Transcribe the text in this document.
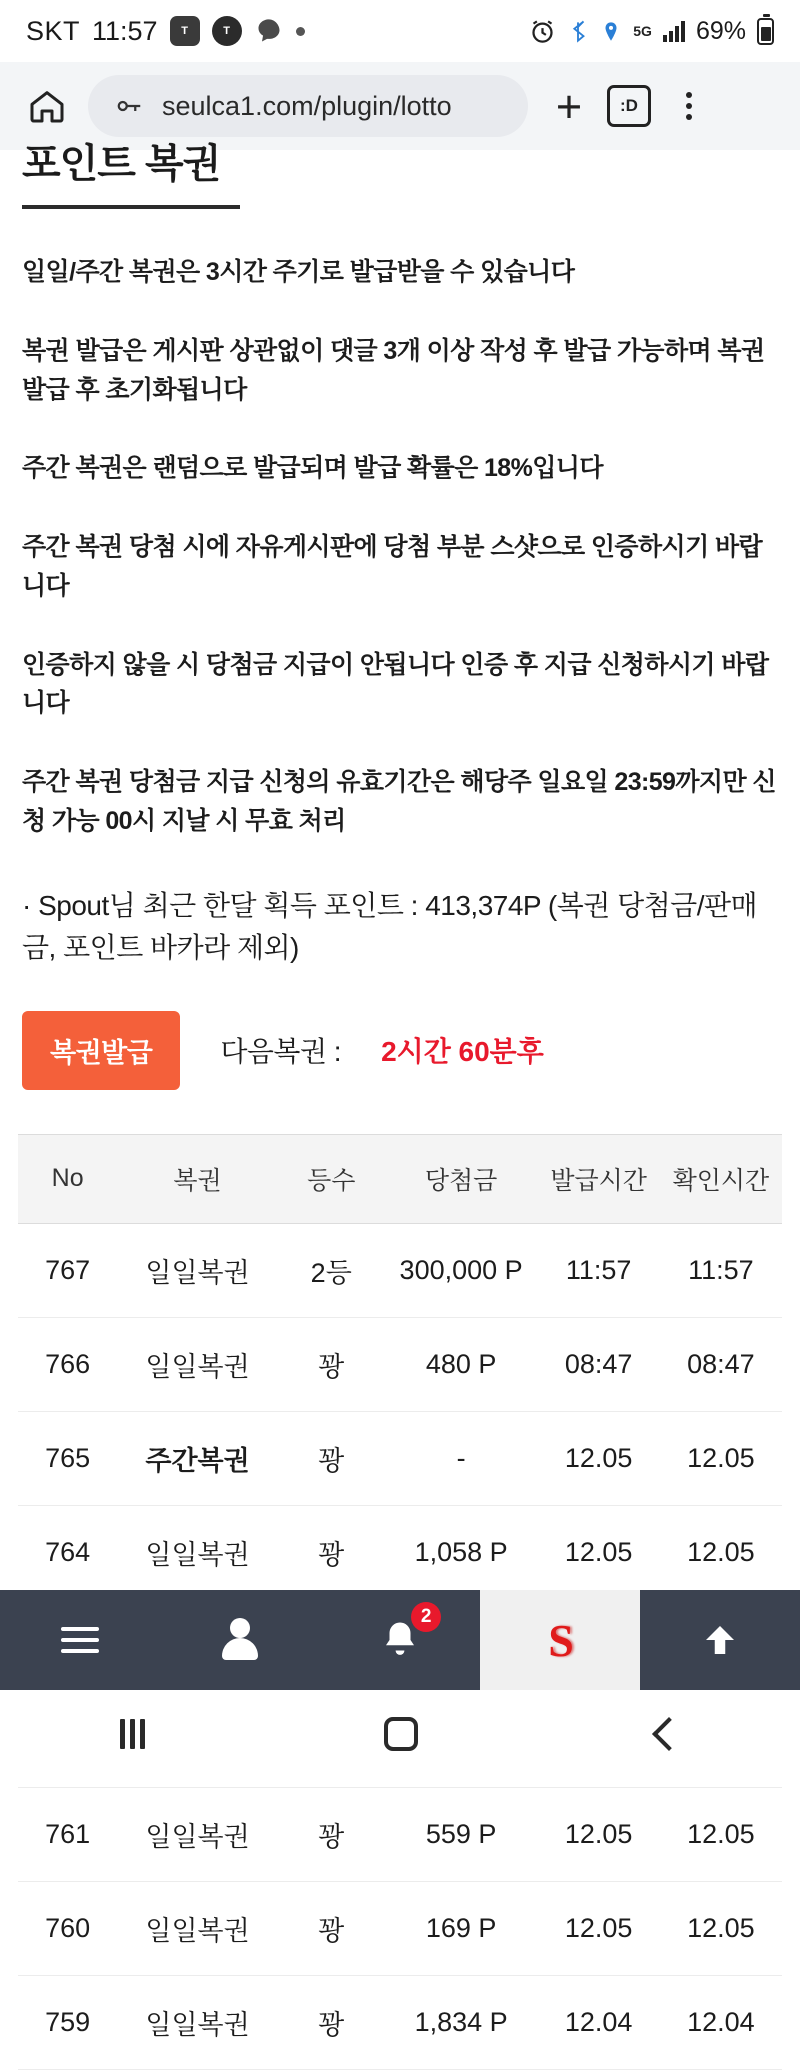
SKT 11:57	T	T	5G 69%
seulca1.com/plugin/lotto +	:D
포인트 복권

일일/주간 복권은 3시간 주기로 발급받을 수 있습니다

복권 발급은 게시판 상관없이 댓글 3개 이상 작성 후 발급 가능하며 복권 발급 후 초기화됩니다

주간 복권은 랜덤으로 발급되며 발급 확률은 18%입니다

주간 복권 당첨 시에 자유게시판에 당첨 부분 스샷으로 인증하시기 바랍니다

인증하지 않을 시 당첨금 지급이 안됩니다 인증 후 지급 신청하시기 바랍니다

주간 복권 당첨금 지급 신청의 유효기간은 해당주 일요일 23:59까지만 신청 가능 00시 지날 시 무효 처리

· Spout님 최근 한달 획득 포인트 : 413,374P (복권 당첨금/판매금, 포인트 바카라 제외)

복권발급	다음복권 : 2시간 60분후
No	복권	등수	당첨금	발급시간	확인시간
767	일일복권	2등	300,000 P	11:57	11:57
766	일일복권	꽝	480 P	08:47	08:47
765	주간복권	꽝	-	12.05	12.05
764	일일복권	꽝	1,058 P	12.05	12.05

761	일일복권	꽝	559 P	12.05	12.05
760	일일복권	꽝	169 P	12.05	12.05
759	일일복권	꽝	1,834 P	12.04	12.04
2	S
